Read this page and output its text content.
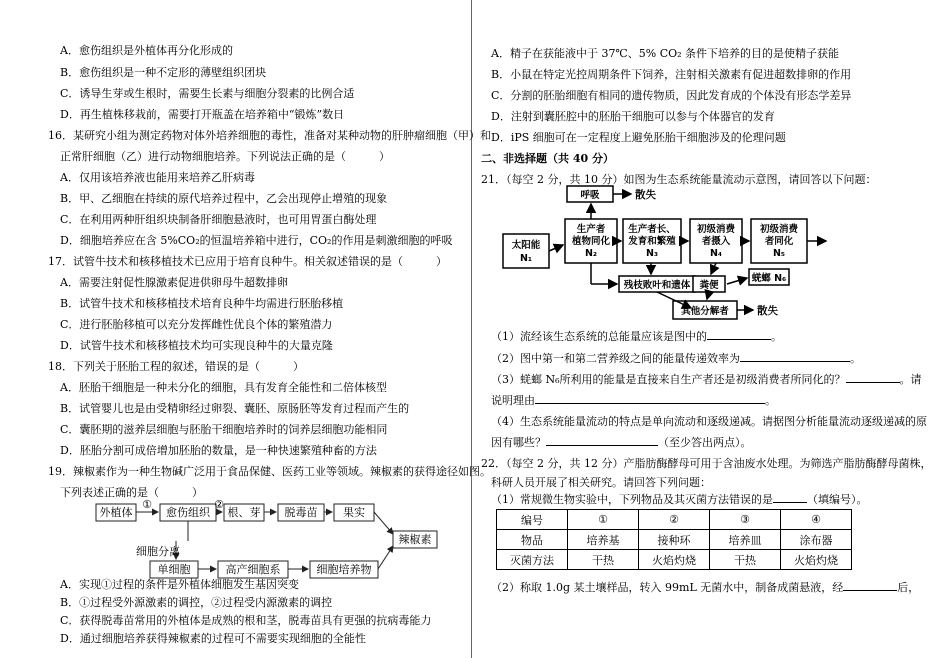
A．愈伤组织是外植体再分化形成的
B．愈伤组织是一种不定形的薄壁组织团块
C．诱导生芽或生根时，需要生长素与细胞分裂素的比例合适
D．再生植株移栽前，需要打开瓶盖在培养箱中“锻炼”数日
16．某研究小组为测定药物对体外培养细胞的毒性，准备对某种动物的肝肿瘤细胞（甲）和
正常肝细胞（乙）进行动物细胞培养。下列说法正确的是（　　　）
A．仅用该培养液也能用来培养乙肝病毒
B．甲、乙细胞在持续的原代培养过程中，乙会出现停止增殖的现象
C．在利用两种肝组织块制备肝细胞悬液时，也可用胃蛋白酶处理
D．细胞培养应在含 5%CO₂的恒温培养箱中进行，CO₂的作用是刺激细胞的呼吸
17．试管牛技术和核移植技术已应用于培育良种牛。相关叙述错误的是（　　　）
A．需要注射促性腺激素促进供卵母牛超数排卵
B．试管牛技术和核移植技术培育良种牛均需进行胚胎移植
C．进行胚胎移植可以充分发挥雌性优良个体的繁殖潜力
D．试管牛技术和核移植技术均可实现良种牛的大量克隆
18．下列关于胚胎工程的叙述，错误的是（　　　）
A．胚胎干细胞是一种未分化的细胞，具有发育全能性和二倍体核型
B．试管婴儿也是由受精卵经过卵裂、囊胚、原肠胚等发育过程而产生的
C．囊胚期的滋养层细胞与胚胎干细胞培养时的饲养层细胞功能相同
D．胚胎分割可成倍增加胚胎的数量，是一种快速繁殖种畜的方法
19．辣椒素作为一种生物碱广泛用于食品保健、医药工业等领域。辣椒素的获得途径如图。
下列表述正确的是（　　　）
外植体	愈伤组织 根、芽 脱毒苗 果实
辣椒素
单细胞	高产细胞系	细胞培养物
细胞分离
①	②
A．实现①过程的条件是外植体细胞发生基因突变
B．①过程受外源激素的调控，②过程受内源激素的调控
C．获得脱毒苗常用的外植体是成熟的根和茎，脱毒苗具有更强的抗病毒能力
D．通过细胞培养获得辣椒素的过程可不需要实现细胞的全能性
A．精子在获能液中于 37℃、5% CO₂ 条件下培养的目的是使精子获能
B．小鼠在特定光控周期条件下饲养，注射相关激素有促进超数排卵的作用
C．分割的胚胎细胞有相同的遗传物质，因此发育成的个体没有形态学差异
D．注射到囊胚腔中的胚胎干细胞可以参与个体器官的发育
D．iPS 细胞可在一定程度上避免胚胎干细胞涉及的伦理问题
二、非选择题（共 40 分）
21．（每空 2 分，共 10 分）如图为生态系统能量流动示意图，请回答以下问题：
呼吸
太阳能
N₁
生产者
植物同化
N₂
生产者长、
发育和繁殖
N₃
初级消费
者摄入
N₄
初级消费
者同化
N₅
蜣螂 N₆
残枝败叶和遗体 粪便
其他分解者
散失
散失
（1）流经该生态系统的总能量应该是图中的	。
（2）图中第一和第二营养级之间的能量传递效率为	。
（3）蜣螂 N₆所利用的能量是直接来自生产者还是初级消费者所同化的？	。请
说明理由	。
（4）生态系统能量流动的特点是单向流动和逐级递减。请据图分析能量流动逐级递减的原
因有哪些？	（至少答出两点）。
22．（每空 2 分，共 12 分）产脂肪酶酵母可用于含油废水处理。为筛选产脂肪酶酵母菌株，
科研人员开展了相关研究。请回答下列问题：
（1）常规微生物实验中，下列物品及其灭菌方法错误的是	（填编号）。
（2）称取 1.0g 某土壤样品，转入 99mL 无菌水中，制备成菌悬液，经	后，
编号	①	②	③	④
物品	培养基	接种环	培养皿	涂布器
灭菌方法	干热	火焰灼烧	干热	火焰灼烧
